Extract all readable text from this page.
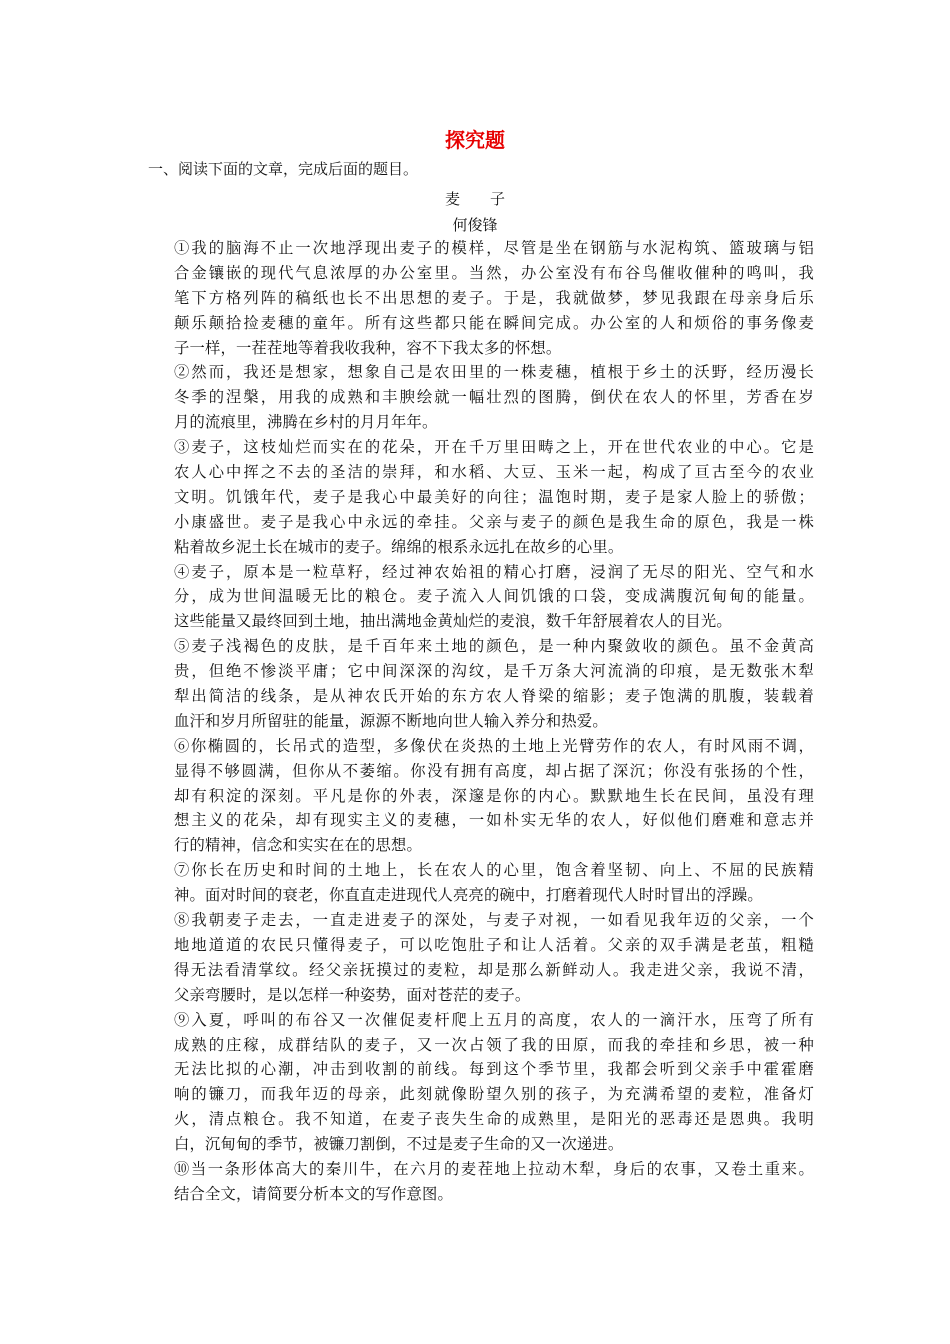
探究题

一、阅读下面的文章，完成后面的题目。

麦　　子

何俊锋

①我的脑海不止一次地浮现出麦子的模样，尽管是坐在钢筋与水泥构筑、篮玻璃与铝
合金镶嵌的现代气息浓厚的办公室里。当然，办公室没有布谷鸟催收催种的鸣叫，我
笔下方格列阵的稿纸也长不出思想的麦子。于是，我就做梦，梦见我跟在母亲身后乐
颠乐颠拾捡麦穗的童年。所有这些都只能在瞬间完成。办公室的人和烦俗的事务像麦
子一样，一茬茬地等着我收我种，容不下我太多的怀想。
②然而，我还是想家，想象自己是农田里的一株麦穗，植根于乡土的沃野，经历漫长
冬季的涅槃，用我的成熟和丰腴绘就一幅壮烈的图腾，倒伏在农人的怀里，芳香在岁
月的流痕里，沸腾在乡村的月月年年。
③麦子，这枝灿烂而实在的花朵，开在千万里田畴之上，开在世代农业的中心。它是
农人心中挥之不去的圣洁的崇拜，和水稻、大豆、玉米一起，构成了亘古至今的农业
文明。饥饿年代，麦子是我心中最美好的向往；温饱时期，麦子是家人脸上的骄傲；
小康盛世。麦子是我心中永远的牵挂。父亲与麦子的颜色是我生命的原色，我是一株
粘着故乡泥土长在城市的麦子。绵绵的根系永远扎在故乡的心里。
④麦子，原本是一粒草籽，经过神农始祖的精心打磨，浸润了无尽的阳光、空气和水
分，成为世间温暖无比的粮仓。麦子流入人间饥饿的口袋，变成满腹沉甸甸的能量。
这些能量又最终回到土地，抽出满地金黄灿烂的麦浪，数千年舒展着农人的目光。
⑤麦子浅褐色的皮肤，是千百年来土地的颜色，是一种内聚敛收的颜色。虽不金黄高
贵，但绝不惨淡平庸；它中间深深的沟纹，是千万条大河流淌的印痕，是无数张木犁
犁出简洁的线条，是从神农氏开始的东方农人脊梁的缩影；麦子饱满的肌腹，装载着
血汗和岁月所留驻的能量，源源不断地向世人输入养分和热爱。
⑥你椭圆的，长吊式的造型，多像伏在炎热的土地上光臂劳作的农人，有时风雨不调，
显得不够圆满，但你从不萎缩。你没有拥有高度，却占据了深沉；你没有张扬的个性，
却有积淀的深刻。平凡是你的外表，深邃是你的内心。默默地生长在民间，虽没有理
想主义的花朵，却有现实主义的麦穗，一如朴实无华的农人，好似他们磨难和意志并
行的精神，信念和实实在在的思想。
⑦你长在历史和时间的土地上，长在农人的心里，饱含着坚韧、向上、不屈的民族精
神。面对时间的衰老，你直直走进现代人亮亮的碗中，打磨着现代人时时冒出的浮躁。
⑧我朝麦子走去，一直走进麦子的深处，与麦子对视，一如看见我年迈的父亲，一个
地地道道的农民只懂得麦子，可以吃饱肚子和让人活着。父亲的双手满是老茧，粗糙
得无法看清掌纹。经父亲抚摸过的麦粒，却是那么新鲜动人。我走进父亲，我说不清，
父亲弯腰时，是以怎样一种姿势，面对苍茫的麦子。
⑨入夏，呼叫的布谷又一次催促麦杆爬上五月的高度，农人的一滴汗水，压弯了所有
成熟的庄稼，成群结队的麦子，又一次占领了我的田原，而我的牵挂和乡思，被一种
无法比拟的心潮，冲击到收割的前线。每到这个季节里，我都会听到父亲手中霍霍磨
响的镰刀，而我年迈的母亲，此刻就像盼望久别的孩子，为充满希望的麦粒，准备灯
火，清点粮仓。我不知道，在麦子丧失生命的成熟里，是阳光的恶毒还是恩典。我明
白，沉甸甸的季节，被镰刀割倒，不过是麦子生命的又一次递进。
⑩当一条形体高大的秦川牛，在六月的麦茬地上拉动木犁，身后的农事，又卷土重来。
结合全文，请简要分析本文的写作意图。
